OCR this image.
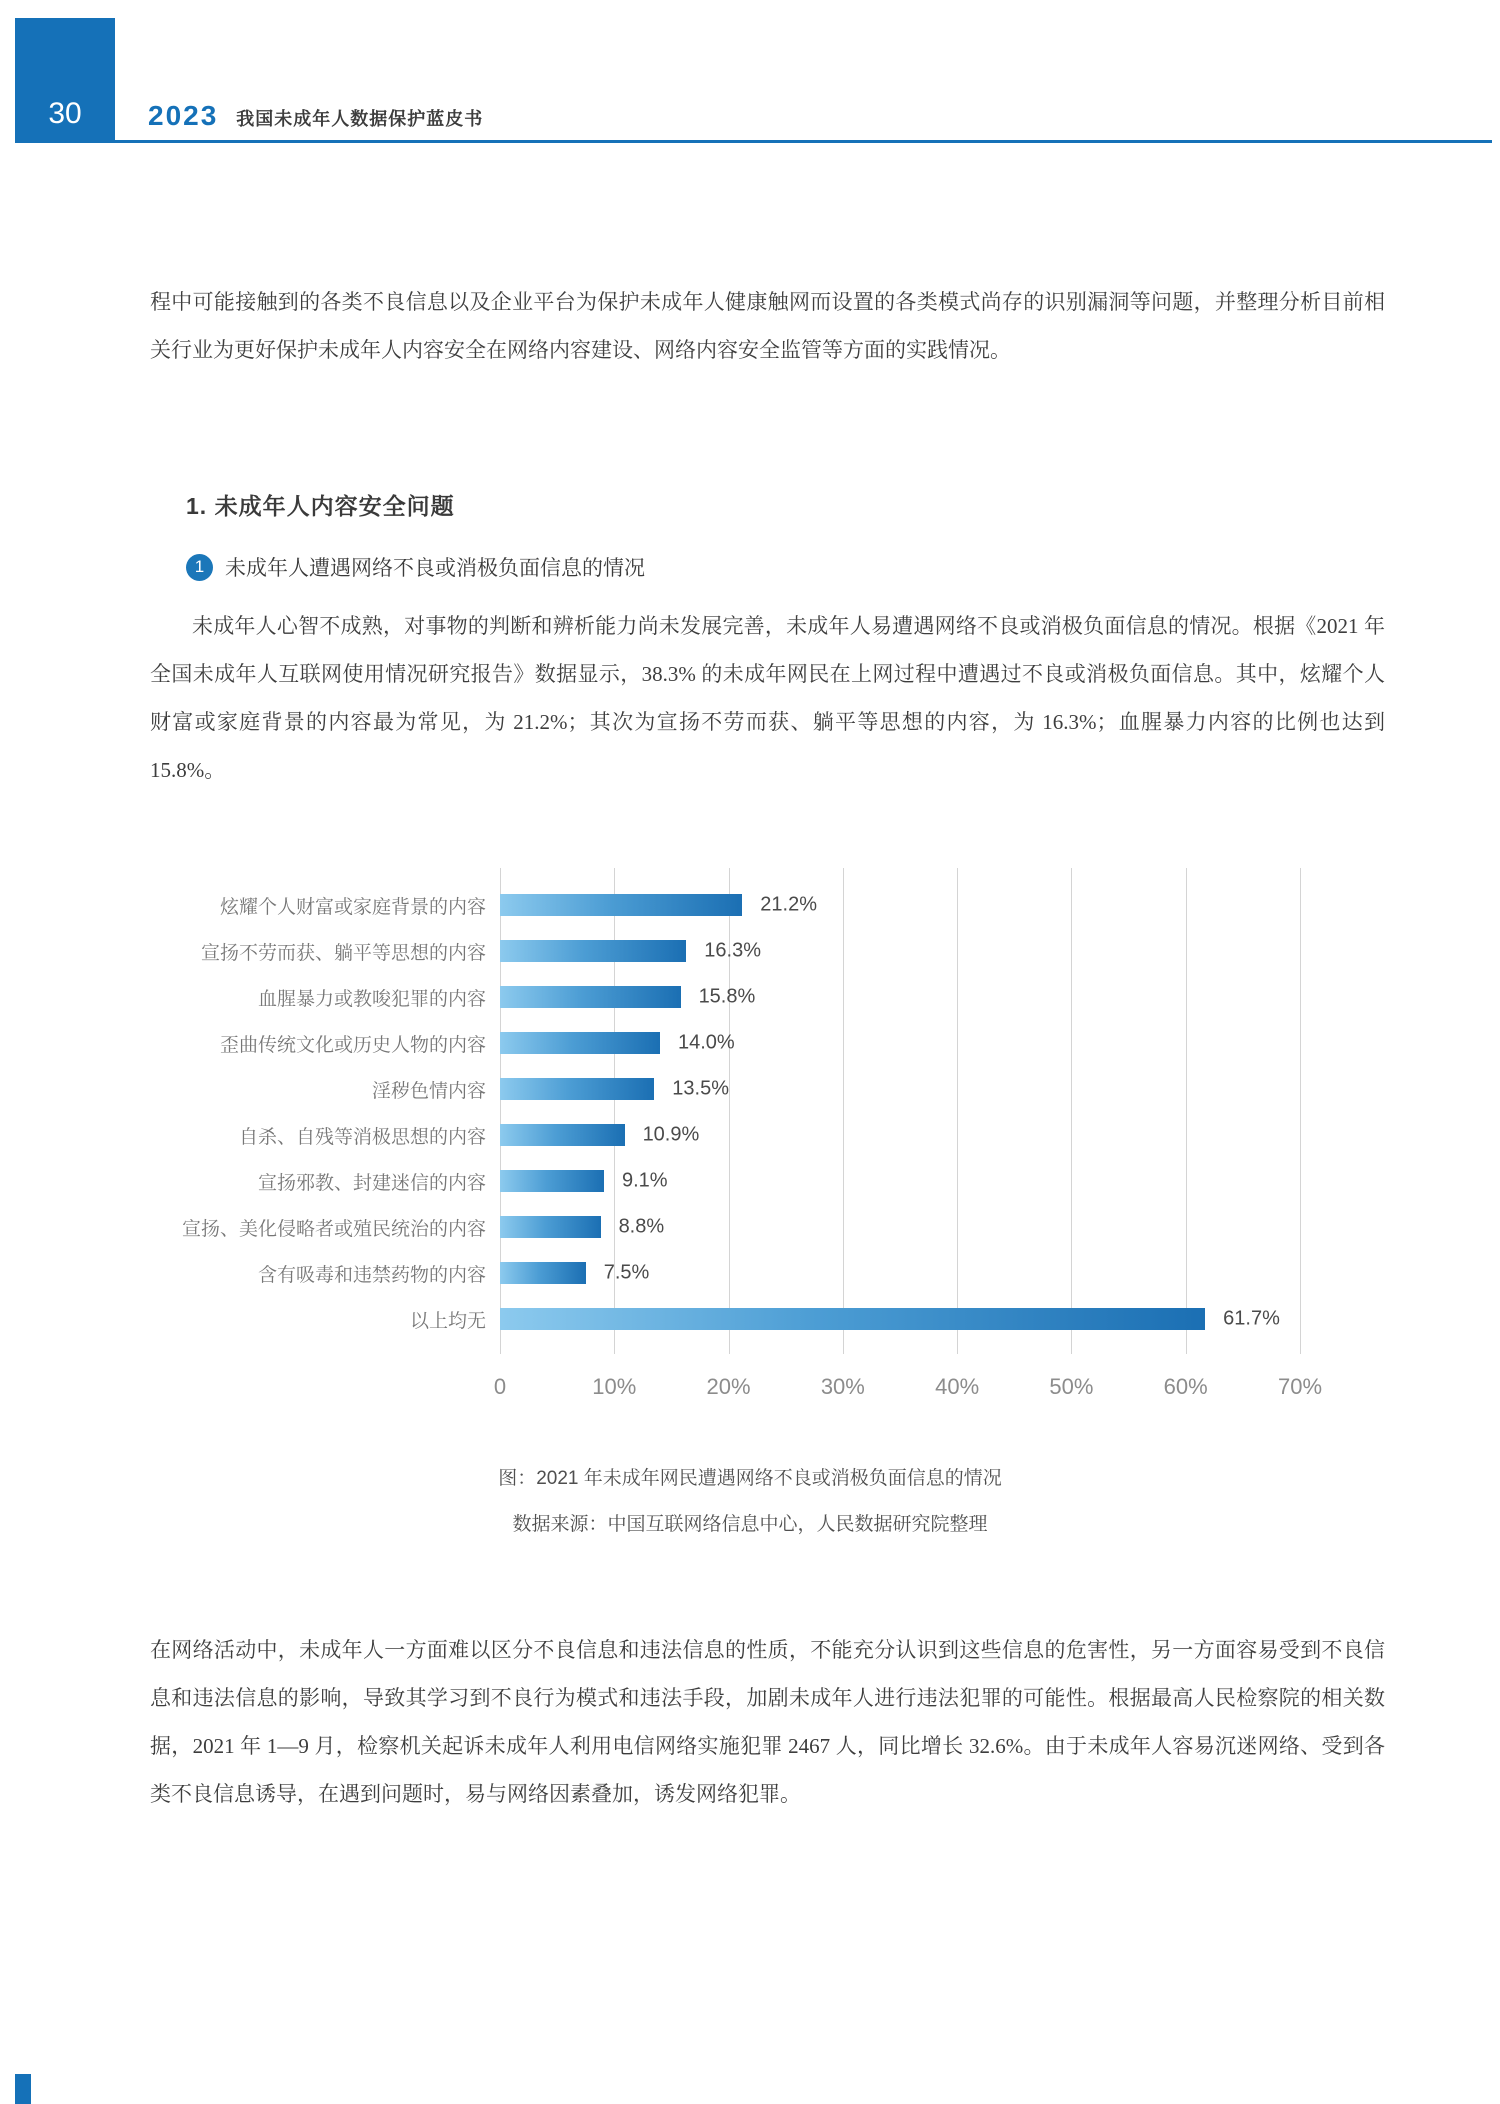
30 2023 我国未成年人数据保护蓝皮书

程中可能接触到的各类不良信息以及企业平台为保护未成年人健康触网而设置的各类模式尚存的识别漏洞等问题，并整理分析目前相关行业为更好保护未成年人内容安全在网络内容建设、网络内容安全监管等方面的实践情况。

1. 未成年人内容安全问题
1 未成年人遭遇网络不良或消极负面信息的情况

未成年人心智不成熟，对事物的判断和辨析能力尚未发展完善，未成年人易遭遇网络不良或消极负面信息的情况。根据《2021 年全国未成年人互联网使用情况研究报告》数据显示，38.3% 的未成年网民在上网过程中遭遇过不良或消极负面信息。其中，炫耀个人财富或家庭背景的内容最为常见，为 21.2%；其次为宣扬不劳而获、躺平等思想的内容，为 16.3%；血腥暴力内容的比例也达到 15.8%。

炫耀个人财富或家庭背景的内容	21.2%
宣扬不劳而获、躺平等思想的内容	16.3%
血腥暴力或教唆犯罪的内容	15.8%
歪曲传统文化或历史人物的内容	14.0%
淫秽色情内容	13.5%
自杀、自残等消极思想的内容	10.9%
宣扬邪教、封建迷信的内容	9.1%
宣扬、美化侵略者或殖民统治的内容	8.8%
含有吸毒和违禁药物的内容	7.5%
以上均无	61.7%
0	10%	20%	30%	40%	50%	60%	70%
图：2021 年未成年网民遭遇网络不良或消极负面信息的情况
数据来源：中国互联网络信息中心，人民数据研究院整理

在网络活动中，未成年人一方面难以区分不良信息和违法信息的性质，不能充分认识到这些信息的危害性，另一方面容易受到不良信息和违法信息的影响，导致其学习到不良行为模式和违法手段，加剧未成年人进行违法犯罪的可能性。根据最高人民检察院的相关数据，2021 年 1—9 月，检察机关起诉未成年人利用电信网络实施犯罪 2467 人，同比增长 32.6%。由于未成年人容易沉迷网络、受到各类不良信息诱导，在遇到问题时，易与网络因素叠加，诱发网络犯罪。
